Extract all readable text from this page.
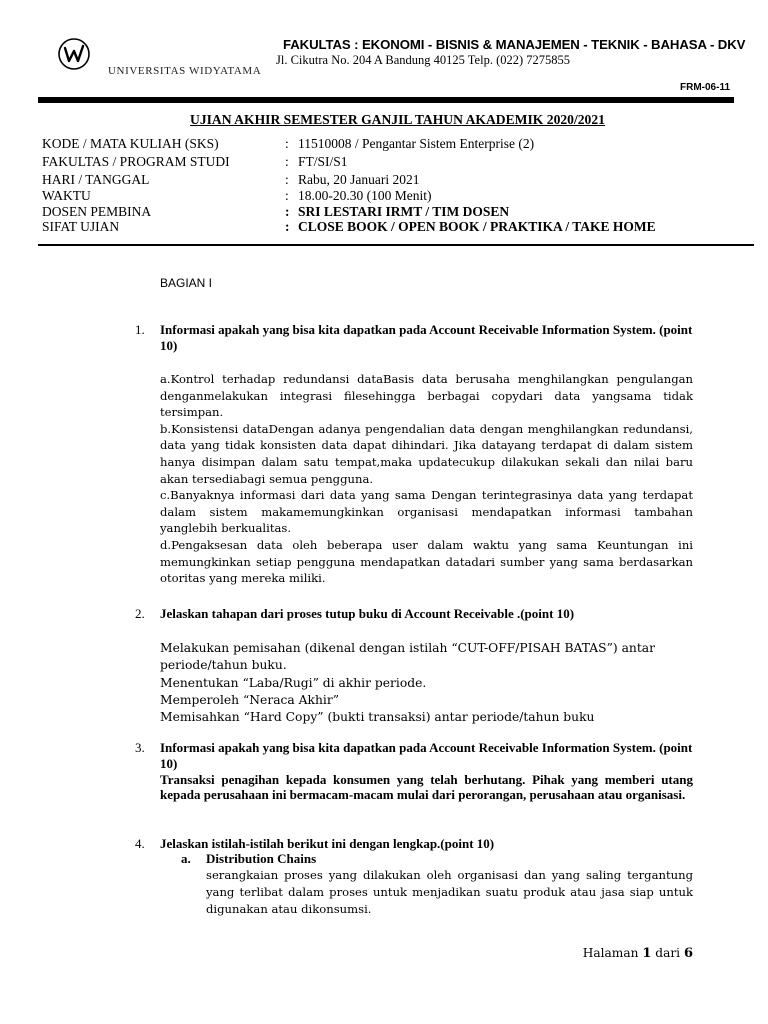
UNIVERSITAS WIDYATAMA
FAKULTAS : EKONOMI - BISNIS & MANAJEMEN - TEKNIK - BAHASA - DKV
Jl. Cikutra No. 204 A Bandung 40125 Telp. (022) 7275855
FRM-06-11
UJIAN AKHIR SEMESTER GANJIL TAHUN AKADEMIK 2020/2021
KODE / MATA KULIAH (SKS)	: 11510008 / Pengantar Sistem Enterprise (2)
FAKULTAS / PROGRAM STUDI	: FT/SI/S1
HARI / TANGGAL	: Rabu, 20 Januari 2021
WAKTU	: 18.00-20.30 (100 Menit)
DOSEN PEMBINA	: SRI LESTARI IRMT / TIM DOSEN
SIFAT UJIAN	: CLOSE BOOK / OPEN BOOK / PRAKTIKA / TAKE HOME
BAGIAN I
1. Informasi apakah yang bisa kita dapatkan pada Account Receivable Information System. (point 10)

a.Kontrol terhadap redundansi dataBasis data berusaha menghilangkan pengulangan denganmelakukan integrasi filesehingga berbagai copydari data yangsama tidak tersimpan.

b.Konsistensi dataDengan adanya pengendalian data dengan menghilangkan redundansi, data yang tidak konsisten data dapat dihindari. Jika datayang terdapat di dalam sistem hanya disimpan dalam satu tempat,maka updatecukup dilakukan sekali dan nilai baru akan tersediabagi semua pengguna.

c.Banyaknya informasi dari data yang sama Dengan terintegrasinya data yang terdapat dalam sistem makamemungkinkan organisasi mendapatkan informasi tambahan yanglebih berkualitas.

d.Pengaksesan data oleh beberapa user dalam waktu yang sama Keuntungan ini memungkinkan setiap pengguna mendapatkan datadari sumber yang sama berdasarkan otoritas yang mereka miliki.

2. Jelaskan tahapan dari proses tutup buku di Account Receivable .(point 10)

Melakukan pemisahan (dikenal dengan istilah “CUT-OFF/PISAH BATAS”) antar periode/tahun buku.

Menentukan “Laba/Rugi” di akhir periode.

Memperoleh “Neraca Akhir”

Memisahkan “Hard Copy” (bukti transaksi) antar periode/tahun buku

3. Informasi apakah yang bisa kita dapatkan pada Account Receivable Information System. (point 10)
Transaksi penagihan kepada konsumen yang telah berhutang. Pihak yang memberi utang kepada perusahaan ini bermacam-macam mulai dari perorangan, perusahaan atau organisasi.
4. Jelaskan istilah-istilah berikut ini dengan lengkap.(point 10)
a. Distribution Chains
serangkaian proses yang dilakukan oleh organisasi dan yang saling tergantung yang terlibat dalam proses untuk menjadikan suatu produk atau jasa siap untuk digunakan atau dikonsumsi.
Halaman 1 dari 6
